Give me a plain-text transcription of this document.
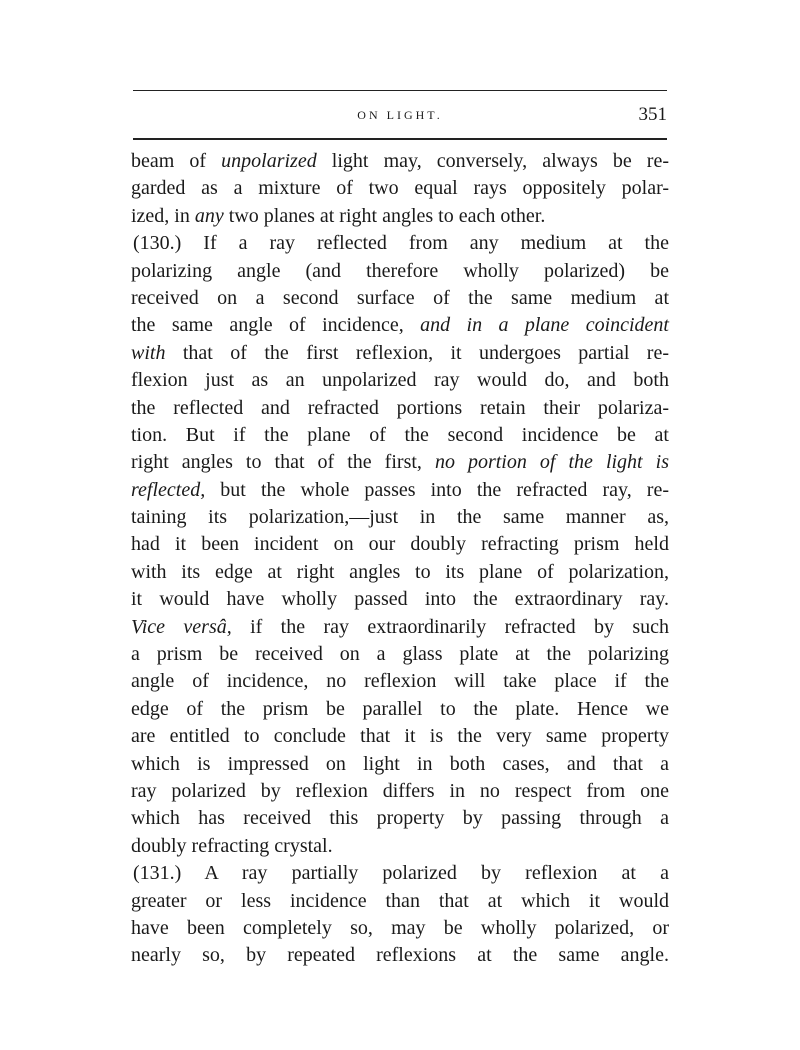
ON LIGHT.	351
beam of unpolarized light may, conversely, always be re-
garded as a mixture of two equal rays oppositely polar-
ized, in any two planes at right angles to each other.
(130.) If a ray reflected from any medium at the
polarizing angle (and therefore wholly polarized) be
received on a second surface of the same medium at
the same angle of incidence, and in a plane coincident
with that of the first reflexion, it undergoes partial re-
flexion just as an unpolarized ray would do, and both
the reflected and refracted portions retain their polariza-
tion. But if the plane of the second incidence be at
right angles to that of the first, no portion of the light is
reflected, but the whole passes into the refracted ray, re-
taining its polarization,—just in the same manner as,
had it been incident on our doubly refracting prism held
with its edge at right angles to its plane of polarization,
it would have wholly passed into the extraordinary ray.
Vice versâ, if the ray extraordinarily refracted by such
a prism be received on a glass plate at the polarizing
angle of incidence, no reflexion will take place if the
edge of the prism be parallel to the plate. Hence we
are entitled to conclude that it is the very same property
which is impressed on light in both cases, and that a
ray polarized by reflexion differs in no respect from one
which has received this property by passing through a
doubly refracting crystal.
(131.) A ray partially polarized by reflexion at a
greater or less incidence than that at which it would
have been completely so, may be wholly polarized, or
nearly so, by repeated reflexions at the same angle.
